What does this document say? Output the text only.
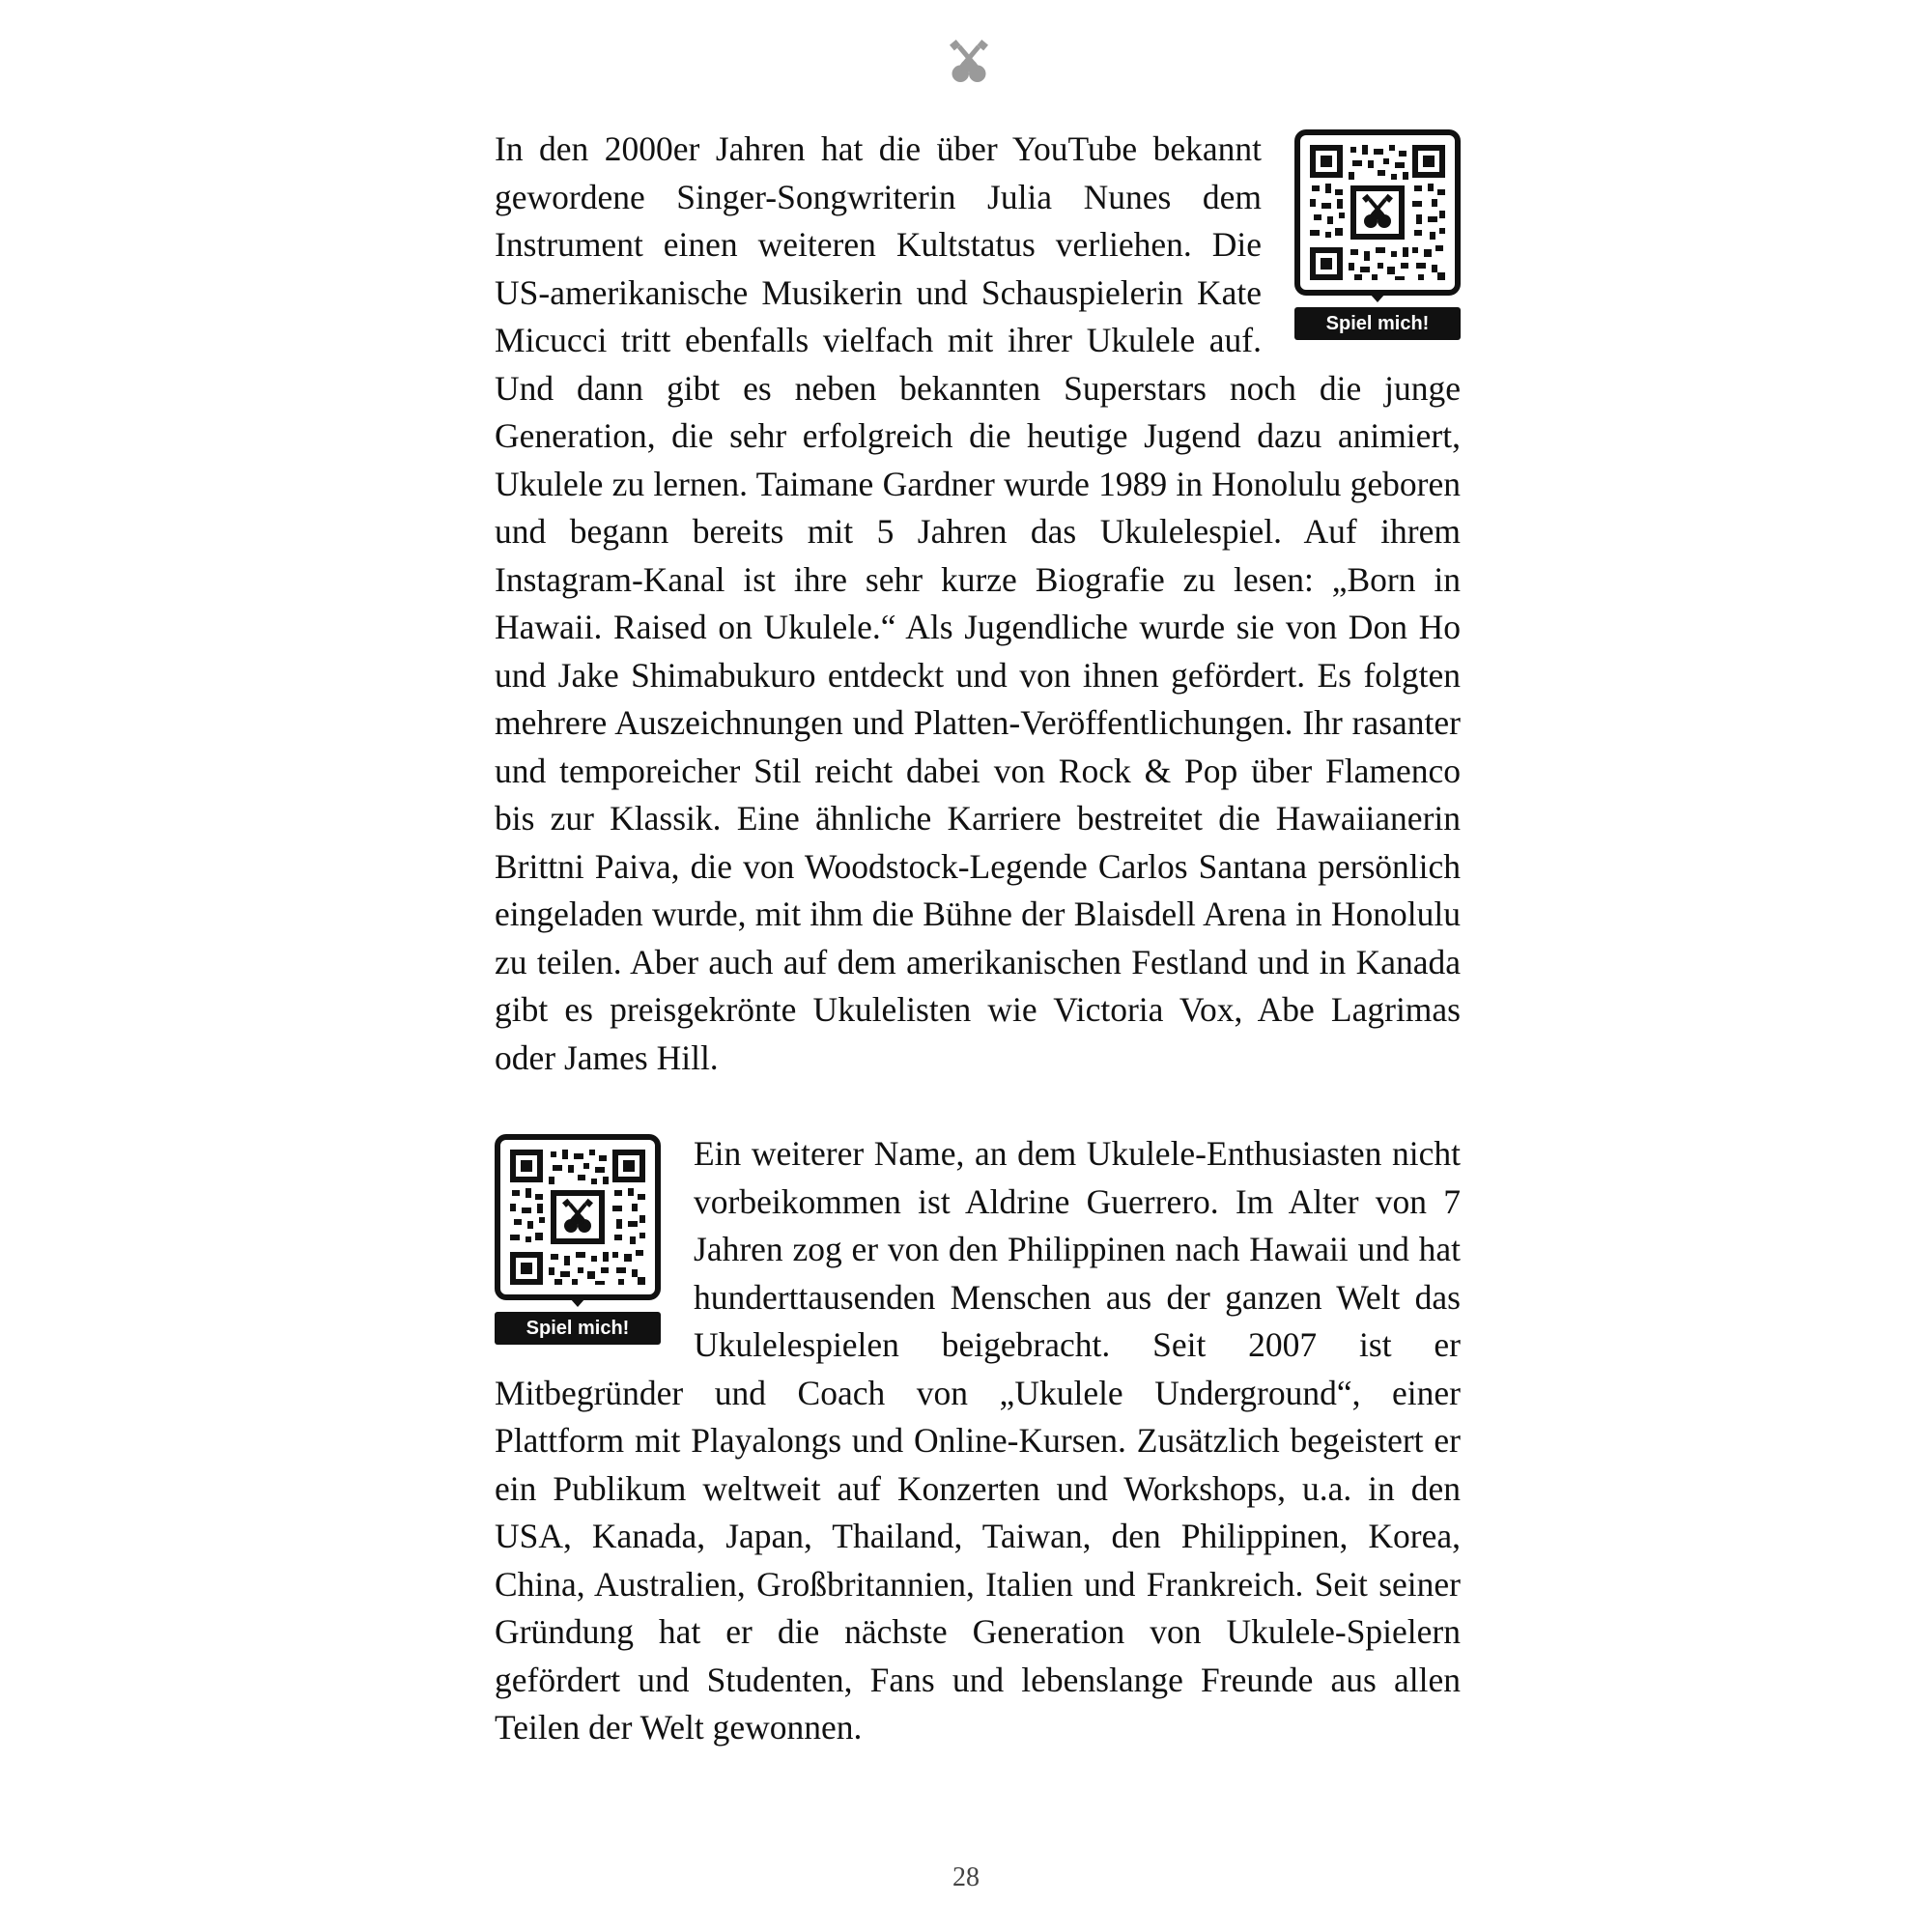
Spiel mich!
In den 2000er Jahren hat die über YouTube bekannt gewordene Singer-Songwriterin Julia Nunes dem Instrument einen weiteren Kultstatus verliehen. Die US-amerikanische Musikerin und Schauspielerin Kate Micucci tritt ebenfalls vielfach mit ihrer Ukulele auf. Und dann gibt es neben bekannten Superstars noch die junge Generation, die sehr erfolgreich die heutige Jugend dazu animiert, Ukulele zu lernen. Taimane Gardner wurde 1989 in Honolulu geboren und begann bereits mit 5 Jahren das Ukulelespiel. Auf ihrem Instagram-Kanal ist ihre sehr kurze Biografie zu lesen: „Born in Hawaii. Raised on Ukulele.“ Als Jugendliche wurde sie von Don Ho und Jake Shimabukuro entdeckt und von ihnen gefördert. Es folgten mehrere Auszeichnungen und Platten-Veröffentlichungen. Ihr rasanter und temporeicher Stil reicht dabei von Rock & Pop über Flamenco bis zur Klassik. Eine ähnliche Karriere bestreitet die Hawaiianerin Brittni Paiva, die von Woodstock-Legende Carlos Santana persönlich eingeladen wurde, mit ihm die Bühne der Blaisdell Arena in Honolulu zu teilen. Aber auch auf dem amerikanischen Festland und in Kanada gibt es preisgekrönte Ukulelisten wie Victoria Vox, Abe Lagrimas oder James Hill.
Spiel mich!
Ein weiterer Name, an dem Ukulele-Enthusiasten nicht vorbeikommen ist Aldrine Guerrero. Im Alter von 7 Jahren zog er von den Philippinen nach Hawaii und hat hunderttausenden Menschen aus der ganzen Welt das Ukulelespielen beigebracht. Seit 2007 ist er Mitbegründer und Coach von „Ukulele Underground“, einer Plattform mit Playalongs und Online-Kursen. Zusätzlich begeistert er ein Publikum weltweit auf Konzerten und Workshops, u.a. in den USA, Kanada, Japan, Thailand, Taiwan, den Philippinen, Korea, China, Australien, Großbritannien, Italien und Frankreich. Seit seiner Gründung hat er die nächste Generation von Ukulele-Spielern gefördert und Studenten, Fans und lebenslange Freunde aus allen Teilen der Welt gewonnen.
28
